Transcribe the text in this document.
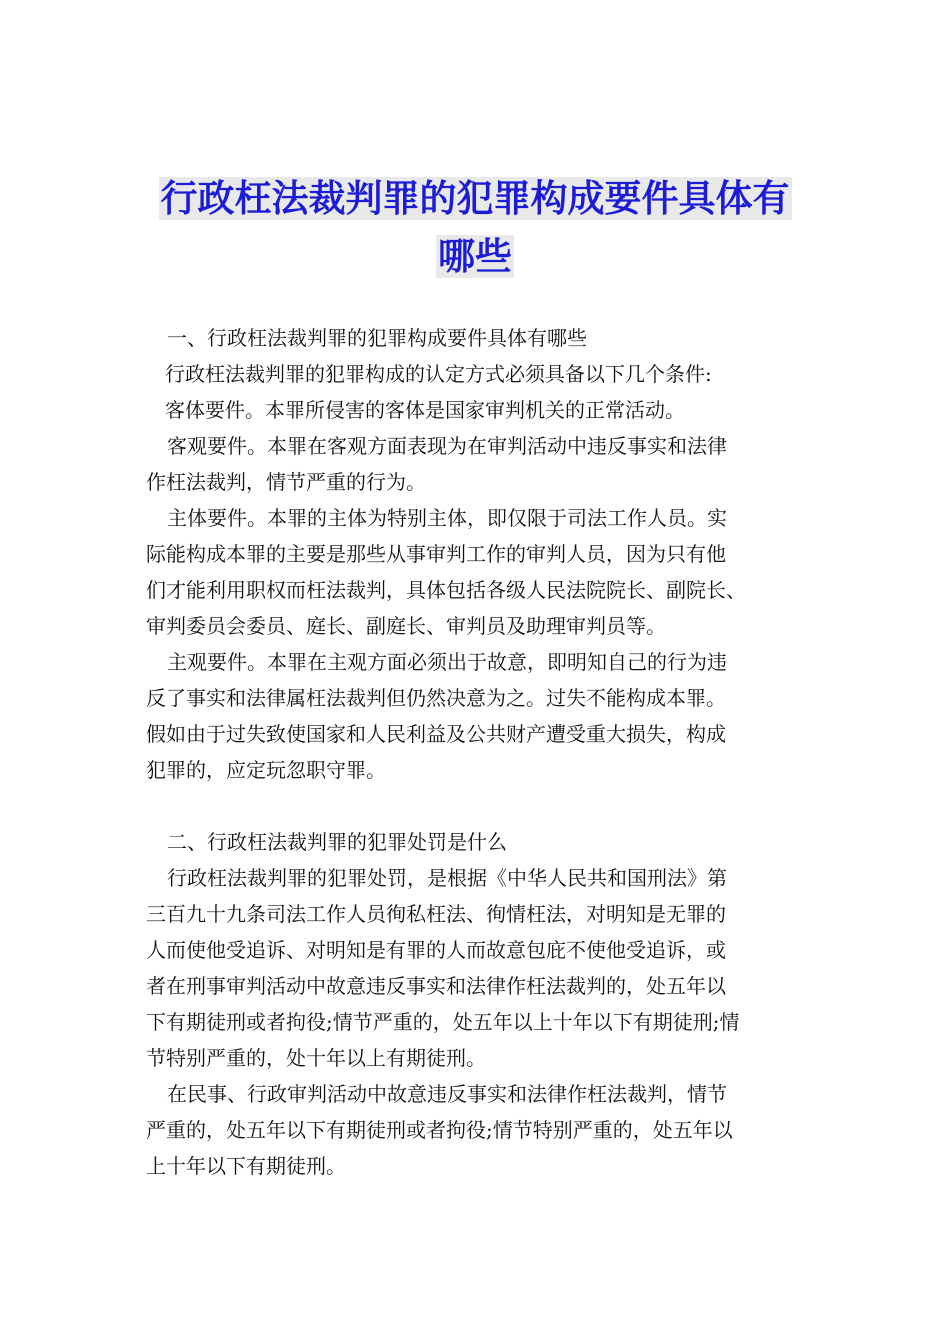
行政枉法裁判罪的犯罪构成要件具体有
哪些
一、行政枉法裁判罪的犯罪构成要件具体有哪些
行政枉法裁判罪的犯罪构成的认定方式必须具备以下几个条件:
客体要件。本罪所侵害的客体是国家审判机关的正常活动。
客观要件。本罪在客观方面表现为在审判活动中违反事实和法律
作枉法裁判，情节严重的行为。
主体要件。本罪的主体为特别主体，即仅限于司法工作人员。实
际能构成本罪的主要是那些从事审判工作的审判人员，因为只有他
们才能利用职权而枉法裁判，具体包括各级人民法院院长、副院长、
审判委员会委员、庭长、副庭长、审判员及助理审判员等。
主观要件。本罪在主观方面必须出于故意，即明知自己的行为违
反了事实和法律属枉法裁判但仍然决意为之。过失不能构成本罪。
假如由于过失致使国家和人民利益及公共财产遭受重大损失，构成
犯罪的，应定玩忽职守罪。
二、行政枉法裁判罪的犯罪处罚是什么
行政枉法裁判罪的犯罪处罚，是根据《中华人民共和国刑法》第
三百九十九条司法工作人员徇私枉法、徇情枉法，对明知是无罪的
人而使他受追诉、对明知是有罪的人而故意包庇不使他受追诉，或
者在刑事审判活动中故意违反事实和法律作枉法裁判的，处五年以
下有期徒刑或者拘役;情节严重的，处五年以上十年以下有期徒刑;情
节特别严重的，处十年以上有期徒刑。
在民事、行政审判活动中故意违反事实和法律作枉法裁判，情节
严重的，处五年以下有期徒刑或者拘役;情节特别严重的，处五年以
上十年以下有期徒刑。
